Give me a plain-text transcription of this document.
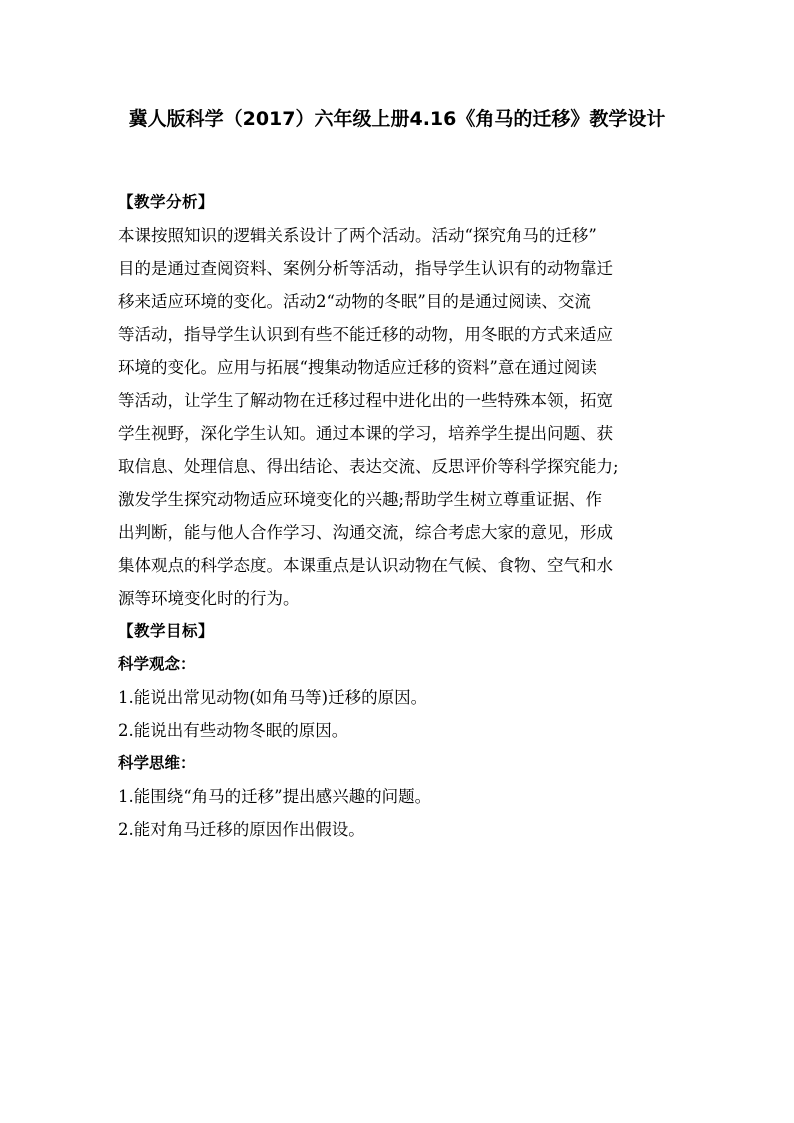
冀人版科学（2017）六年级上册4.16《角马的迁移》教学设计
【教学分析】
本课按照知识的逻辑关系设计了两个活动。活动“探究角马的迁移”
目的是通过查阅资料、案例分析等活动，指导学生认识有的动物靠迁
移来适应环境的变化。活动2“动物的冬眠”目的是通过阅读、交流
等活动，指导学生认识到有些不能迁移的动物，用冬眠的方式来适应
环境的变化。应用与拓展“搜集动物适应迁移的资料”意在通过阅读
等活动，让学生了解动物在迁移过程中进化出的一些特殊本领，拓宽
学生视野，深化学生认知。通过本课的学习，培养学生提出问题、获
取信息、处理信息、得出结论、表达交流、反思评价等科学探究能力;
激发学生探究动物适应环境变化的兴趣;帮助学生树立尊重证据、作
出判断，能与他人合作学习、沟通交流，综合考虑大家的意见，形成
集体观点的科学态度。本课重点是认识动物在气候、食物、空气和水
源等环境变化时的行为。
【教学目标】
科学观念：
1.能说出常见动物(如角马等)迁移的原因。
2.能说出有些动物冬眠的原因。
科学思维：
1.能围绕“角马的迁移”提出感兴趣的问题。
2.能对角马迁移的原因作出假设。
